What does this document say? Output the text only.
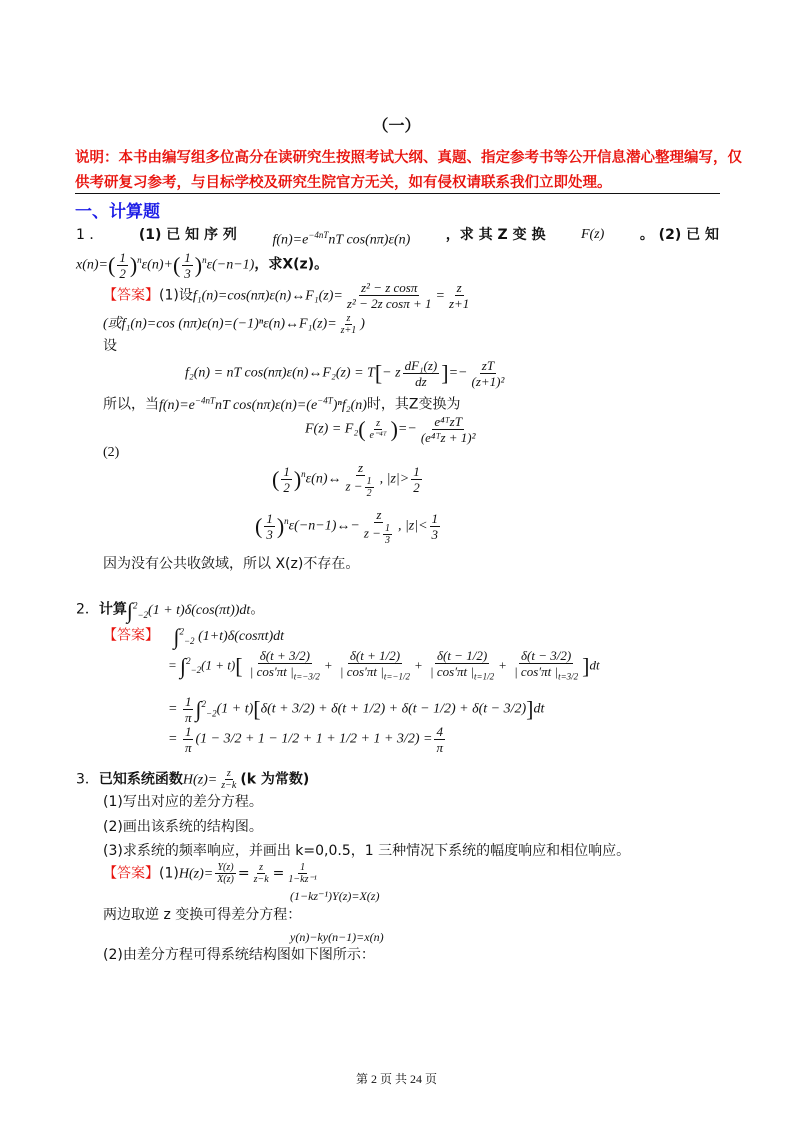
（一）
说明：本书由编写组多位高分在读研究生按照考试大纲、真题、指定参考书等公开信息潜心整理编写，仅
供考研复习参考，与目标学校及研究生院官方无关，如有侵权请联系我们立即处理。
一、计算题
1 ．	(1) 已 知 序 列	$f(n)=e^{-4nT}nT$ cos(nπ)ε(n)	，求 其 Z 变 换	F(z)	。 (2) 已 知
$x(n)=( \frac{1}{2} )^n\varepsilon(n)+( \frac{1}{3} )^n\varepsilon(-n-1)$，求X(z)。
【答案】(1)设f₁(n)=cos(nπ)ε(n)↔F₁(z)= $\frac{\text{z² − z cosπ}}{\text{z² − 2z cosπ + 1}} = \frac{z}{z+1}$
(或f₁(n)=cos (nπ)ε(n)=(−1)ⁿε(n)↔F₁(z)= $\frac{z}{z+1}$ )
设
f₂(n) = nT cos(nπ)ε(n)↔F₂(z) = T[− z $\frac{\text{dF₁(z)}}{dz}$ ]=− $\frac{zT}{\text{(z+1)²}}$
所以，当$f(n)=e^{-4nT}nT$ $\cos(n\pi)\varepsilon(n)=(e^{-4T})^nf_2(n)$时，其Z变换为
$F(z) = F_2( \frac{z}{\text{e⁻⁴ᵀ}}$ )=−
e⁴ᵀzT
(e⁴ᵀz + 1)²
(2)
( $\frac{1}{2}$ )$^n$ε(n)↔ $\frac{z}{z - \frac{1}{2}}$ , $|z|> \frac{1}{2}$
( $\frac{1}{3}$ )$^n$ε(−n−1)↔− $\frac{z}{z - \frac{1}{3}}$ , $|z|< \frac{1}{3}$
因为没有公共收敛域，所以 X(z)不存在。
2．计算∫$^2_{-2}$(1 + t)δ(cos(πt))dt。
【答案】 ∫$^2_{-2}$ (1+t)δ(cosπt)dt
= $\int^2_{-2}(1 + t)[ \frac{\delta(t + 3/2)}{| \cos'\pi t |_{t=-3/2}} + \frac{\delta(t + 1/2)}{| \cos'\pi t |_{t=-1/2}} + \frac{\delta(t - 1/2)}{| \cos'\pi t |_{t=1/2}} + \frac{\delta(t - 3/2)}{| \cos'\pi t |_{t=3/2}} ]dt$
= $\frac{1}{\pi} \int^2_{-2}(1 + t)[\delta(t + 3/2) + \delta(t + 1/2) + \delta(t - 1/2) + \delta(t - 3/2)]dt$
= $\frac{1}{\pi} (1 - 3/2 + 1 - 1/2 + 1 + 1/2 + 1 + 3/2) = \frac{4}{\pi}$
3．已知系统函数$H(z)= \frac{z}{z-k} (k$ 为常数)
(1)写出对应的差分方程。
(2)画出该系统的结构图。
(3)求系统的频率响应，并画出 k=0,0.5，1 三种情况下系统的幅度响应和相位响应。
【答案】$(1)H(z)= \frac{Y(z)}{X(z)} = \frac{z}{z-k} = \frac{1}{\text{1−kz⁻¹}}$
(1−kz⁻¹)Y(z)=X(z)
两边取逆 z 变换可得差分方程：
y(n)−ky(n−1)=x(n)
(2)由差分方程可得系统结构图如下图所示：
第 2 页 共 24 页
